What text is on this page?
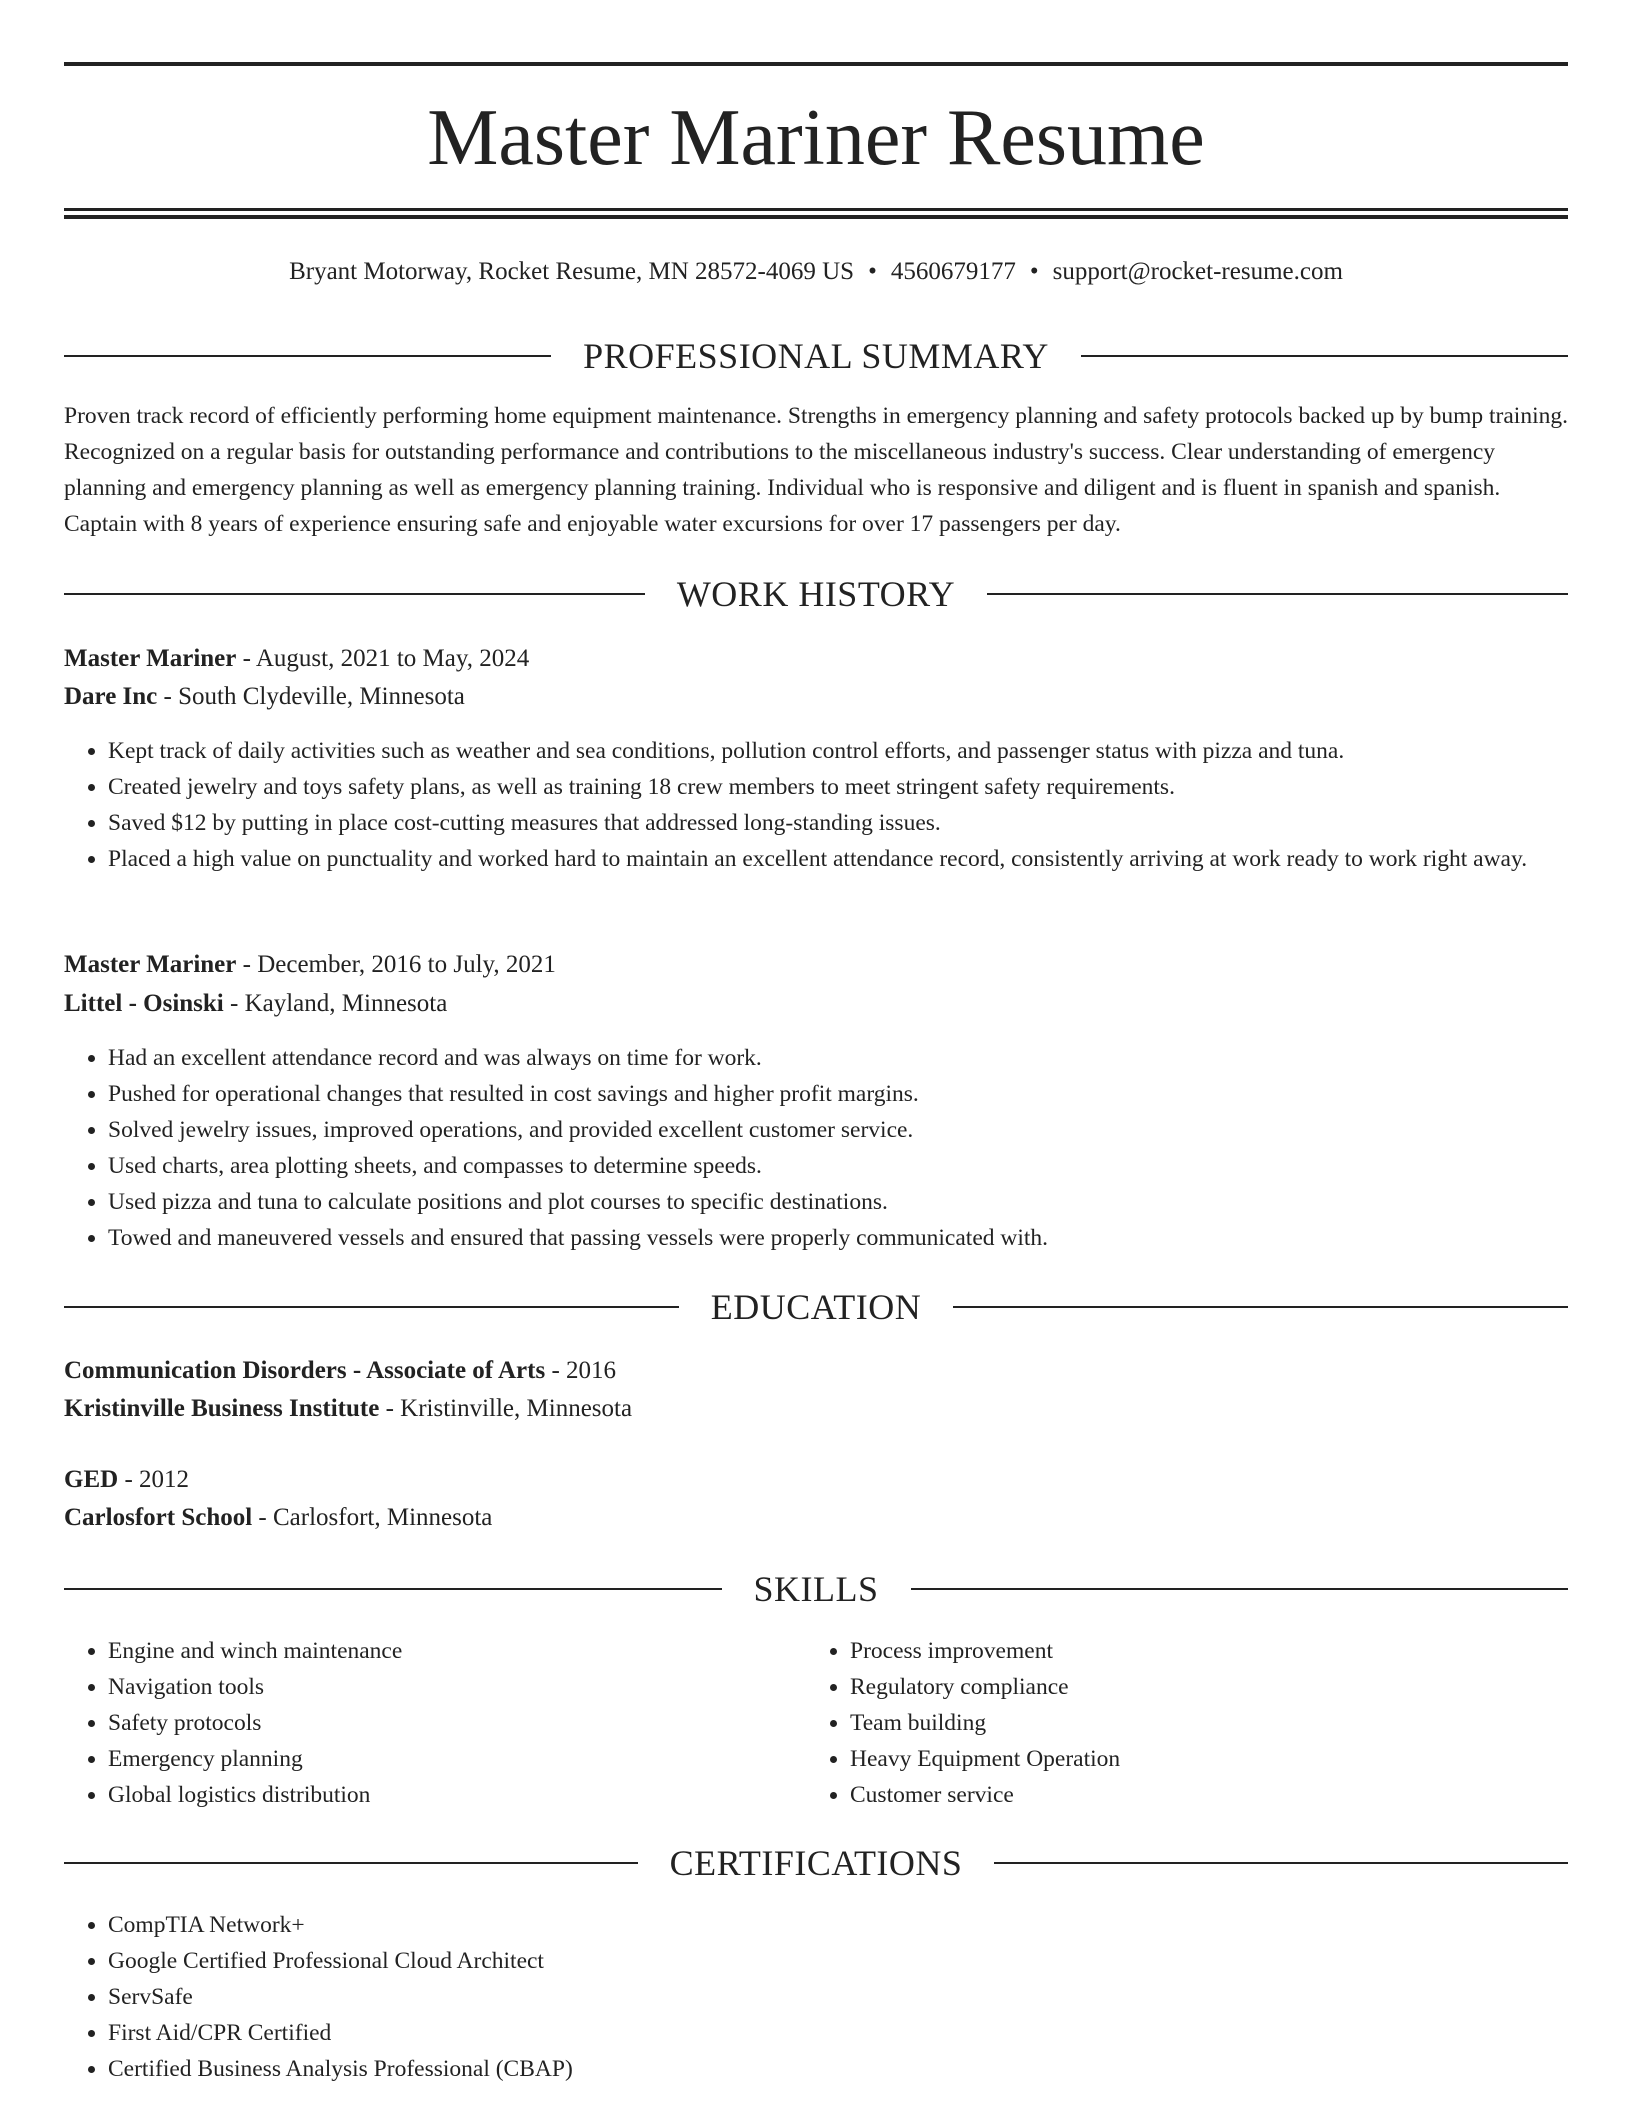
Master Mariner Resume
Bryant Motorway, Rocket Resume, MN 28572-4069 US • 4560679177 • support@rocket-resume.com
PROFESSIONAL SUMMARY

Proven track record of efficiently performing home equipment maintenance. Strengths in emergency planning and safety protocols backed up by bump training. Recognized on a regular basis for outstanding performance and contributions to the miscellaneous industry's success. Clear understanding of emergency planning and emergency planning as well as emergency planning training. Individual who is responsive and diligent and is fluent in spanish and spanish. Captain with 8 years of experience ensuring safe and enjoyable water excursions for over 17 passengers per day.

WORK HISTORY
Master Mariner - August, 2021 to May, 2024
Dare Inc - South Clydeville, Minnesota
• Kept track of daily activities such as weather and sea conditions, pollution control efforts, and passenger status with pizza and tuna.
• Created jewelry and toys safety plans, as well as training 18 crew members to meet stringent safety requirements.
• Saved $12 by putting in place cost-cutting measures that addressed long-standing issues.
• Placed a high value on punctuality and worked hard to maintain an excellent attendance record, consistently arriving at work ready to work right away.
Master Mariner - December, 2016 to July, 2021
Littel - Osinski - Kayland, Minnesota
• Had an excellent attendance record and was always on time for work.
• Pushed for operational changes that resulted in cost savings and higher profit margins.
• Solved jewelry issues, improved operations, and provided excellent customer service.
• Used charts, area plotting sheets, and compasses to determine speeds.
• Used pizza and tuna to calculate positions and plot courses to specific destinations.
• Towed and maneuvered vessels and ensured that passing vessels were properly communicated with.
EDUCATION
Communication Disorders - Associate of Arts - 2016
Kristinville Business Institute - Kristinville, Minnesota
GED - 2012
Carlosfort School - Carlosfort, Minnesota
SKILLS
• Engine and winch maintenance
• Navigation tools
• Safety protocols
• Emergency planning
• Global logistics distribution
• Process improvement
• Regulatory compliance
• Team building
• Heavy Equipment Operation
• Customer service
CERTIFICATIONS
• CompTIA Network+
• Google Certified Professional Cloud Architect
• ServSafe
• First Aid/CPR Certified
• Certified Business Analysis Professional (CBAP)
